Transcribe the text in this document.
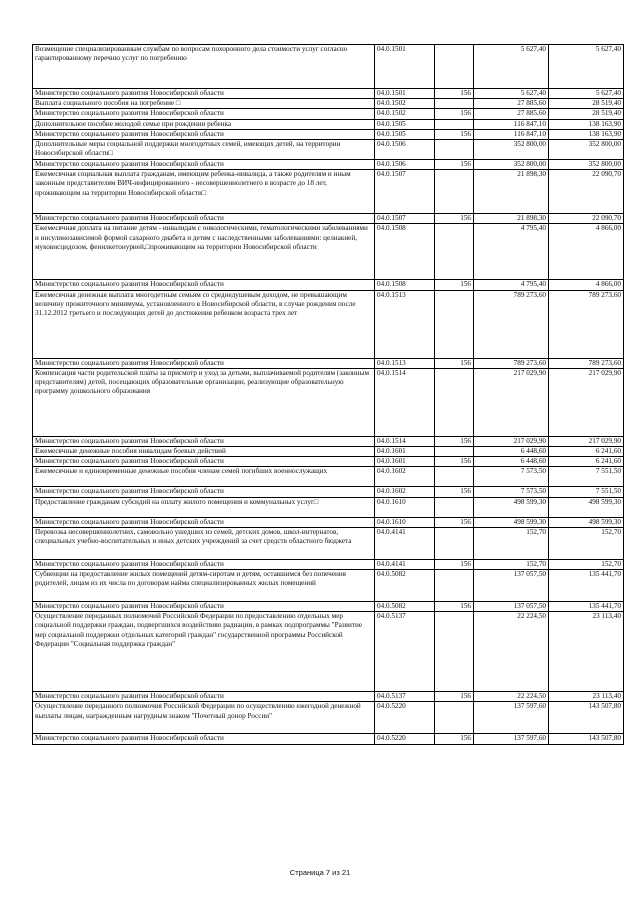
Возмещение специализированным службам по вопросам похоронного дела стоимости услуг согласно гарантированному перечню услуг по погребению	04.0.1501		5 627,40	5 627,40
Министерство социального развития Новосибирской области	04.0.1501	156	5 627,40	5 627,40
Выплата социального пособия на погребение □	04.0.1502		27 885,60	28 519,40
Министерство социального развития Новосибирской области	04.0.1502	156	27 885,60	28 519,40
Дополнительное пособие молодой семье при рождении ребенка	04.0.1505		116 847,10	138 163,90
Министерство социального развития Новосибирской области	04.0.1505	156	116 847,10	138 163,90
Дополнительные меры социальной поддержки многодетных семей, имеющих детей, на территории Новосибирской области□	04.0.1506		352 800,00	352 800,00
Министерство социального развития Новосибирской области	04.0.1506	156	352 800,00	352 800,00
Ежемесячная социальная выплата гражданам, имеющим ребенка-инвалида, а также родителям и иным законным представителям ВИЧ-инфицированного - несовершеннолетнего в возрасте до 18 лет, проживающим на территории Новосибирской области□	04.0.1507		21 898,30	22 090,70
Министерство социального развития Новосибирской области	04.0.1507	156	21 898,30	22 090,70
Ежемесячная доплата на питание детям - инвалидам с онкологическими, гематологическими заболеваниями и инсулинозависимой формой сахарного диабета и детям с наследственными заболеваниями: целиакией, муковисцидозом, фенилкетонурией,□проживающим на территории Новосибирской области	04.0.1508		4 795,40	4 866,00
Министерство социального развития Новосибирской области	04.0.1508	156	4 795,40	4 866,00
Ежемесячная денежная выплата многодетным семьям со среднедушевым доходом, не превышающим величину прожиточного минимума, установленного в Новосибирской области, в случае рождения после 31.12.2012 третьего и последующих детей до достижения ребенком возраста трех лет	04.0.1513		789 273,60	789 273,60
Министерство социального развития Новосибирской области	04.0.1513	156	789 273,60	789 273,60
Компенсация части родительской платы за присмотр и уход за детьми, выплачиваемой родителям (законным представителям) детей, посещающих образовательные организации, реализующие образовательную программу дошкольного образования	04.0.1514		217 029,90	217 029,90
Министерство социального развития Новосибирской области	04.0.1514	156	217 029,90	217 029,90
Ежемесячные денежные пособия инвалидам боевых действий	04.0.1601		6 448,60	6 241,60
Министерство социального развития Новосибирской области	04.0.1601	156	6 448,60	6 241,60
Ежемесячные и единовременные денежные пособия членам семей погибших военнослужащих	04.0.1602		7 573,50	7 551,50
Министерство социального развития Новосибирской области	04.0.1602	156	7 573,50	7 551,50
Предоставление гражданам субсидий на оплату жилого помещения и коммунальных услуг□	04.0.1610		498 599,30	498 599,30
Министерство социального развития Новосибирской области	04.0.1610	156	498 599,30	498 599,30
Перевозка несовершеннолетних, самовольно ушедших из семей, детских домов, школ-интернатов, специальных учебно-воспитательных и иных детских учреждений за счет средств областного бюджета	04.0.4141		152,70	152,70
Министерство социального развития Новосибирской области	04.0.4141	156	152,70	152,70
Субвенции на предоставление жилых помещений детям-сиротам и детям, оставшимся без попечения родителей, лицам из их числа по договорам найма специализированных жилых помещений	04.0.5082		137 057,50	135 441,70
Министерство социального развития Новосибирской области	04.0.5082	156	137 057,50	135 441,70
Осуществление переданных полномочий Российской Федерации по предоставлению отдельных мер социальной поддержки граждан, подвергшихся воздействию радиации, в рамках подпрограммы "Развитие мер социальной поддержки отдельных категорий граждан" государственной программы Российской Федерации "Социальная поддержка граждан"	04.0.5137		22 224,50	23 113,40
Министерство социального развития Новосибирской области	04.0.5137	156	22 224,50	23 113,40
Осуществление переданного полномочия Российской Федерации по осуществлению ежегодной денежной выплаты лицам, награжденным нагрудным знаком "Почетный донор России"	04.0.5220		137 597,60	143 507,80
Министерство социального развития Новосибирской области	04.0.5220	156	137 597,60	143 507,80
Страница 7 из 21
